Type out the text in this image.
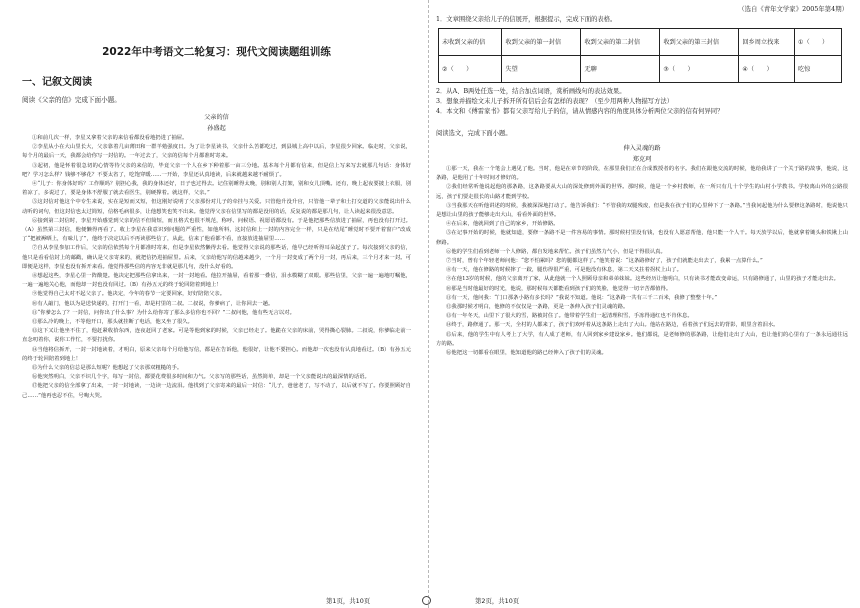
2022年中考语文二轮复习：现代文阅读题组训练
一、记叙文阅读

阅读《父亲的信》完成下面小题。

父亲的信

孙盛起

①和前几次一样，李星又拿着父亲的来信看都没看地扔进了抽屉。

②李星从小在大山里长大，父亲靠着几亩薄田和一群羊勉强度日。为了让李星读书，父亲什么苦都吃过，到县城上高中以后，李星很少回家。临走时，父亲说，每个月的最后一天，我都会给你写一封信的。一年过去了，父亲的信每个月都准时寄来。

③起初，他是怀着很急切的心情等待父亲的来信的，毕竟父亲一个人在乡下种着那一亩三分地。基本每个月都有信来，但是信上写来写去就那几句话：身体好吧？学习怎么样？钱够不够花？不要太省了，吃饱穿暖……一开始，李星还认真地读，后来就越来越不耐烦了。

④“儿子：你身体好吗？工作顺吗？别担心我，我的身体还好，日子也过得去。记住别睡得太晚，别和别人打架，别和女儿顶嘴。还有，晚上起夜要披上衣服，别着凉了，多说过了，要是身体不舒服了就去看医生，别硬撑着。就这样，父亲。”

⑤这封信对他这个中专生来说，实在是短而又短，但这刚好说明了父亲那份对儿子的牵挂与关爱。只管他升没升官，只管他一辈子和土打交道的父亲能说出什么动听的词句，但这封信也太过简短，信格毛病很多，让他想笑也笑不出来。他觉得父亲在信里写的都是没用的话，反复说的都是那几句，让人读起来很没意思。

⑥接到第二封信时，李星开始感觉到父亲的信不但简短，而且格式也很不规范，称呼、问候语、祝愿语都没有。于是他把那些信放进了抽屉，再也没有打开过。（A）虽然第三封信，他便懒得再看了。收上李星在我意识到问题的严重性，如他所料，这封信和上一封的内容完全一样，只是在结尾“睡觉时不要开着窗户”改成了“把被褥晒上，有味儿了”，他终于决定以后不再读那些信了，从此，信来了他看都不看，直接放进抽屉里……

⑦自从李星参加工作后，父亲的信依然每个月都准时寄来，但是李星依然懒得去看。他觉得父亲说的那些话，他早已经听得耳朵起茧子了。每次接到父亲的信，他只是看看信封上的邮戳，确认是父亲寄来的，就把信扔进抽屉里。后来，父亲给他写的信越来越少，一个月一封变成了两个月一封，再后来，三个月才来一封。可即便是这样，李星也没有拆开来看。他觉得那些信的内容无非就是那几句，没什么好看的。

⑧想起这些，李星心里一阵酸楚。他决定把那些信拿出来，一封一封地看。他拉开抽屉，看着那一叠信，泪水模糊了双眼。那些信里，父亲一遍一遍地叮嘱他，一遍一遍地关心他，而他却一封也没有回过。（B）有孙五元的终于轮回陪着到地上！

⑨他觉得自己太对不起父亲了。他决定，今年的春节一定要回家，好好陪陪父亲。

⑩有人敲门，他以为是送快递的，打开门一看，却是村里的二叔。二叔说，你爹病了，让你回去一趟。

⑪“你爹怎么了？一封信，问你出了什么事？为什么给你寄了那么多信你也不回？”二叔问他，他有些无言以对。

⑫那么冷的晚上，不等他开口，那头就挂断了电话，他又坐了很久。

⑬这下又让他坐不住了，他赶紧收拾东西，连夜赶回了老家。可是等他到家的时候，父亲已经走了。他跪在父亲的床前，哭得撕心裂肺。二叔说，你爹临走前一直念叨着你，说你工作忙，不要打扰你。

⑭当他将信拆开，一封一封地读着，才明白，原来父亲每个月给他写信，都是在告诉他，他很好，让他不要担心。而他却一次也没有认真地看过。（B）有孙五元的终于轮回陪着到地上！

⑮为什么父亲的信总是那么短呢？他想起了父亲那双粗糙的手。

⑯他突然明白，父亲不识几个字，每写一封信，都要花费很多时间和力气。父亲写的那些话，虽然简单，却是一个父亲能说出的最深情的话语。

⑰他把父亲的信全部拿了出来，一封一封地读，一边读一边流泪。他找到了父亲寄来的最后一封信：“儿子，爸爸老了，写不动了，以后就不写了。你要照顾好自己……”他再也忍不住，号啕大哭。

（选自《青年文学家》2005年第4期）

1．文章围绕父亲给儿子的信展开，根据提示，完成下面的表格。

未收到父亲的信	收到父亲的第一封信	收到父亲的第二封信	收到父亲的第三封信	回乡周立找来	①（　　）
②（　　）	失望	无聊	③（　　）	④（　　）	吃惊

2．从A、B两处任选一处，结合加点词语，赏析画线句的表达效果。

3．想象并描绘文末儿子拆开所有信后会有怎样的表现？（至少用两种人物描写方法）

4．本文和《傅雷家书》都有父亲写给儿子的信，请从情感内容的角度具体分析两位父亲的信有何异同？

阅读选文，完成下面小题。

伸入灵魂的路

郑克珂

①那一天，我在一个笔会上遇见了他。当时，他是在章节的阶段，在那里我们正在合成教授者的名字。我们在跟他交流的时候，他给我讲了一个关于路的故事，他说，这条路，是他用了十年时间才修好的。

②我们经常听他说起他的那条路，这条路要从大山的深处修到外面的世界。那时候，他是一个乡村教师，在一所只有几十个学生的山村小学教书。学校离山外的公路很远，孩子们要走很长的山路才能到学校。

③当我那天在听他讲述的时候，我被深深地打动了。他告诉我们：“不管我的双腿残废，但是我在孩子们的心里种下了一条路。”当我问起他为什么要修这条路时，他说他只是想让山里的孩子能够走出大山，看看外面的世界。

④在后来，他就回到了自己的家乡，开始修路。

⑤在记事开始的时候，他就知道，要修一条路不是一件容易的事情。那时候村里没有钱，也没有人愿意帮他，他只能一个人干。每天放学以后，他就拿着锄头和铁锹上山修路。

⑥他的学生们看到老师一个人修路，都自发地来帮忙。孩子们虽然力气小，但是干得很认真。

⑦当时，曾有个年轻老师问他：“您不怕累吗？您的腿都这样了。”他笑着说：“这条路修好了，孩子们就能走出去了，我累一点算什么。”

⑧有一天，他在修路的时候摔了一跤，腿伤得很严重，可是他没有休息，第二天又拄着拐杖上山了。

⑨在他13岁的时候，他的父亲离开了家，从此他就一个人照顾母亲和弟弟妹妹。这些经历让他明白，只有读书才能改变命运，只有路修通了，山里的孩子才能走出去。

⑩那是当时他最好的时光，他说，那时候每天都能看到孩子们的笑脸，他觉得一切辛苦都值得。

⑪有一天，他问我：“门口那条小路有多长吗？”我说不知道。他说：“这条路一共有三千二百米，我修了整整十年。”

⑫我那时候才明白，他修的不仅仅是一条路，更是一条伸入孩子们灵魂的路。

⑬有一年冬天，山里下了很大的雪，路被封住了。他带着学生们一起清理积雪，手冻得通红也不肯休息。

⑭终于，路修通了。那一天，全村的人都来了，孩子们欢呼着从这条路上走出了大山。他站在路边，看着孩子们远去的背影，眼里含着泪水。

⑮后来，他的学生中有人考上了大学，有人成了老师，有人回到家乡建设家乡。他们都说，是老师修的那条路，让他们走出了大山，也让他们的心里有了一条永远通往远方的路。

⑯他把这一切都看在眼里，他知道他的路已经伸入了孩子们的灵魂。

第1页，共10页	第2页，共10页
